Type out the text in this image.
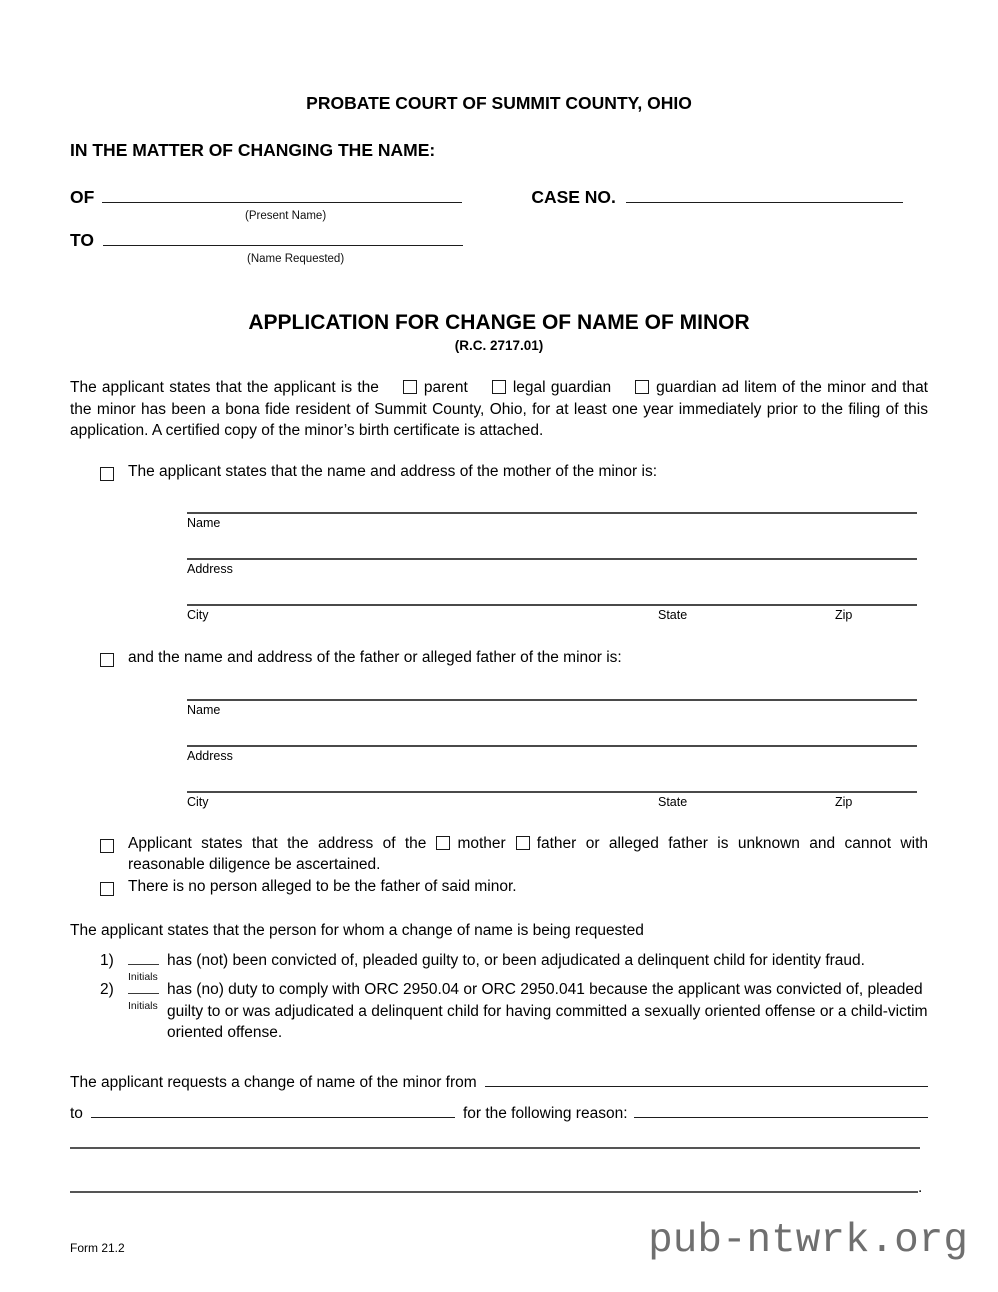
PROBATE COURT OF SUMMIT COUNTY, OHIO
IN THE MATTER OF CHANGING THE NAME:
OF	CASE NO.
(Present Name)
TO
(Name Requested)
APPLICATION FOR CHANGE OF NAME OF MINOR
(R.C. 2717.01)
The applicant states that the applicant is the	parent	legal guardian	guardian ad litem of the minor and that the minor has been a bona fide resident of Summit County, Ohio, for at least one year immediately prior to the filing of this application. A certified copy of the minor’s birth certificate is attached.
The applicant states that the name and address of the mother of the minor is:
Name
Address
City	State	Zip
and the name and address of the father or alleged father of the minor is:
Name
Address
City	State	Zip
Applicant states that the address of the mother father or alleged father is unknown and cannot with reasonable diligence be ascertained.
There is no person alleged to be the father of said minor.
The applicant states that the person for whom a change of name is being requested
1)
Initials
has (not) been convicted of, pleaded guilty to, or been adjudicated a delinquent child for identity fraud.
2)
Initials
has (no) duty to comply with ORC 2950.04 or ORC 2950.041 because the applicant was convicted of, pleaded guilty to or was adjudicated a delinquent child for having committed a sexually oriented offense or a child-victim oriented offense.
The applicant requests a change of name of the minor from
to	for the following reason:
.
Form 21.2	pub-ntwrk.org
